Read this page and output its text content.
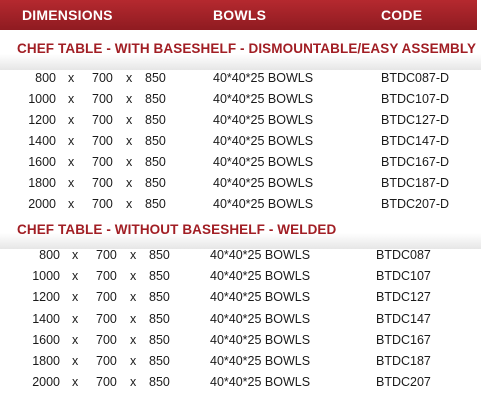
DIMENSIONS	BOWLS	CODE
CHEF TABLE - WITH BASESHELF - DISMOUNTABLE/EASY ASSEMBLY
800 x 700 x 850	40*40*25 BOWLS	BTDC087-D
1000 x 700 x 850	40*40*25 BOWLS	BTDC107-D
1200 x 700 x 850	40*40*25 BOWLS	BTDC127-D
1400 x 700 x 850	40*40*25 BOWLS	BTDC147-D
1600 x 700 x 850	40*40*25 BOWLS	BTDC167-D
1800 x 700 x 850	40*40*25 BOWLS	BTDC187-D
2000 x 700 x 850	40*40*25 BOWLS	BTDC207-D
CHEF TABLE - WITHOUT BASESHELF - WELDED
800 x 700 x 850	40*40*25 BOWLS	BTDC087
1000 x 700 x 850	40*40*25 BOWLS	BTDC107
1200 x 700 x 850	40*40*25 BOWLS	BTDC127
1400 x 700 x 850	40*40*25 BOWLS	BTDC147
1600 x 700 x 850	40*40*25 BOWLS	BTDC167
1800 x 700 x 850	40*40*25 BOWLS	BTDC187
2000 x 700 x 850	40*40*25 BOWLS	BTDC207
